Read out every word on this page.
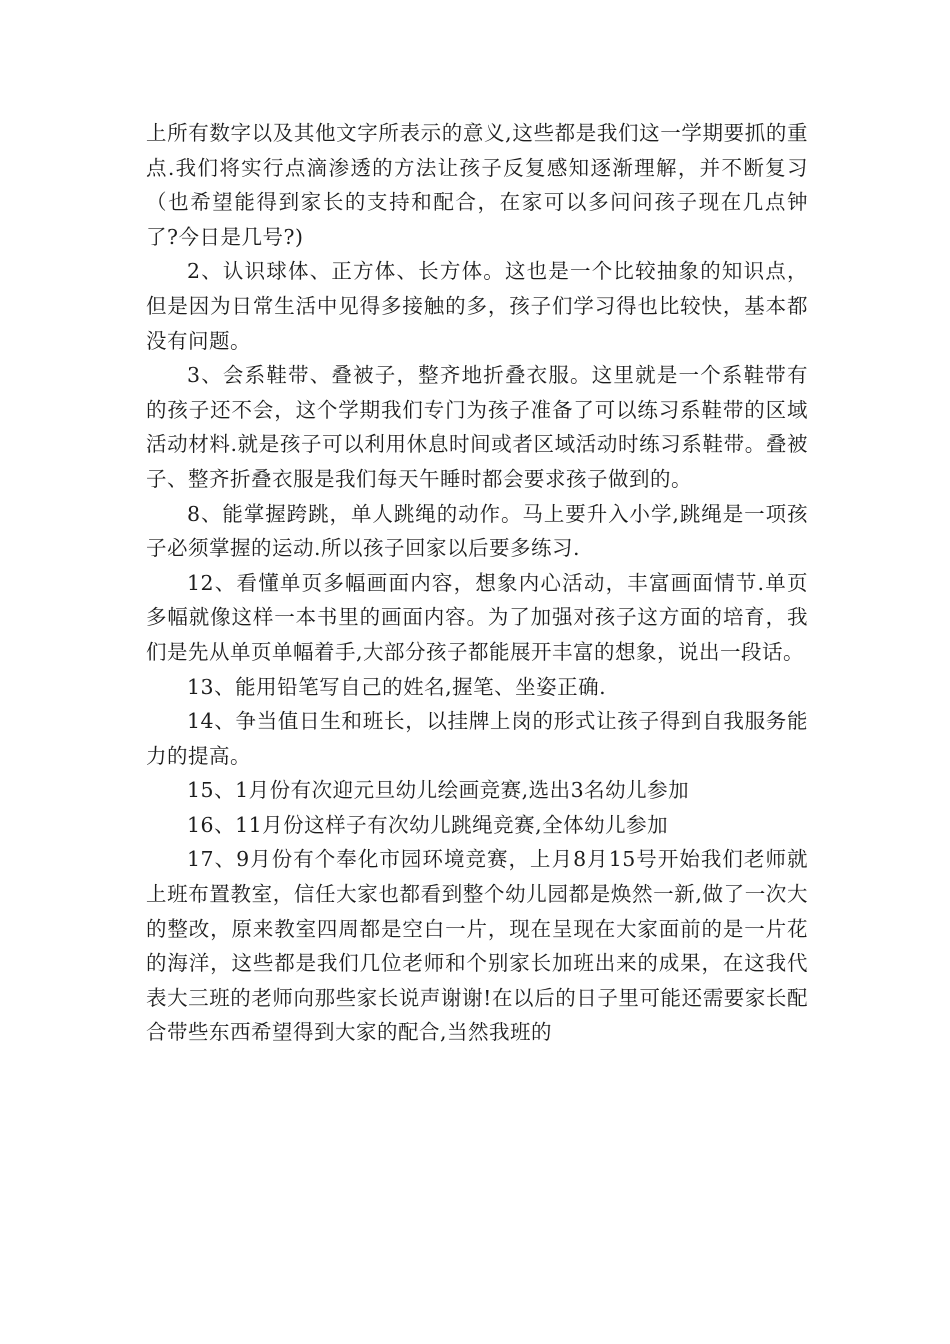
上所有数字以及其他文字所表示的意义,这些都是我们这一学期要抓的重点.我们将实行点滴渗透的方法让孩子反复感知逐渐理解，并不断复习（也希望能得到家长的支持和配合，在家可以多问问孩子现在几点钟了?今日是几号?)

2、认识球体、正方体、长方体。这也是一个比较抽象的知识点，但是因为日常生活中见得多接触的多，孩子们学习得也比较快，基本都没有问题。

3、会系鞋带、叠被子，整齐地折叠衣服。这里就是一个系鞋带有的孩子还不会，这个学期我们专门为孩子准备了可以练习系鞋带的区域活动材料.就是孩子可以利用休息时间或者区域活动时练习系鞋带。叠被子、整齐折叠衣服是我们每天午睡时都会要求孩子做到的。

8、能掌握跨跳，单人跳绳的动作。马上要升入小学,跳绳是一项孩子必须掌握的运动.所以孩子回家以后要多练习.

12、看懂单页多幅画面内容，想象内心活动，丰富画面情节.单页多幅就像这样一本书里的画面内容。为了加强对孩子这方面的培育，我们是先从单页单幅着手,大部分孩子都能展开丰富的想象，说出一段话。

13、能用铅笔写自己的姓名,握笔、坐姿正确.

14、争当值日生和班长，以挂牌上岗的形式让孩子得到自我服务能力的提高。

15、1月份有次迎元旦幼儿绘画竞赛,选出3名幼儿参加

16、11月份这样子有次幼儿跳绳竞赛,全体幼儿参加

17、9月份有个奉化市园环境竞赛，上月8月15号开始我们老师就上班布置教室，信任大家也都看到整个幼儿园都是焕然一新,做了一次大的整改，原来教室四周都是空白一片，现在呈现在大家面前的是一片花的海洋，这些都是我们几位老师和个别家长加班出来的成果，在这我代表大三班的老师向那些家长说声谢谢!在以后的日子里可能还需要家长配合带些东西希望得到大家的配合,当然我班的
